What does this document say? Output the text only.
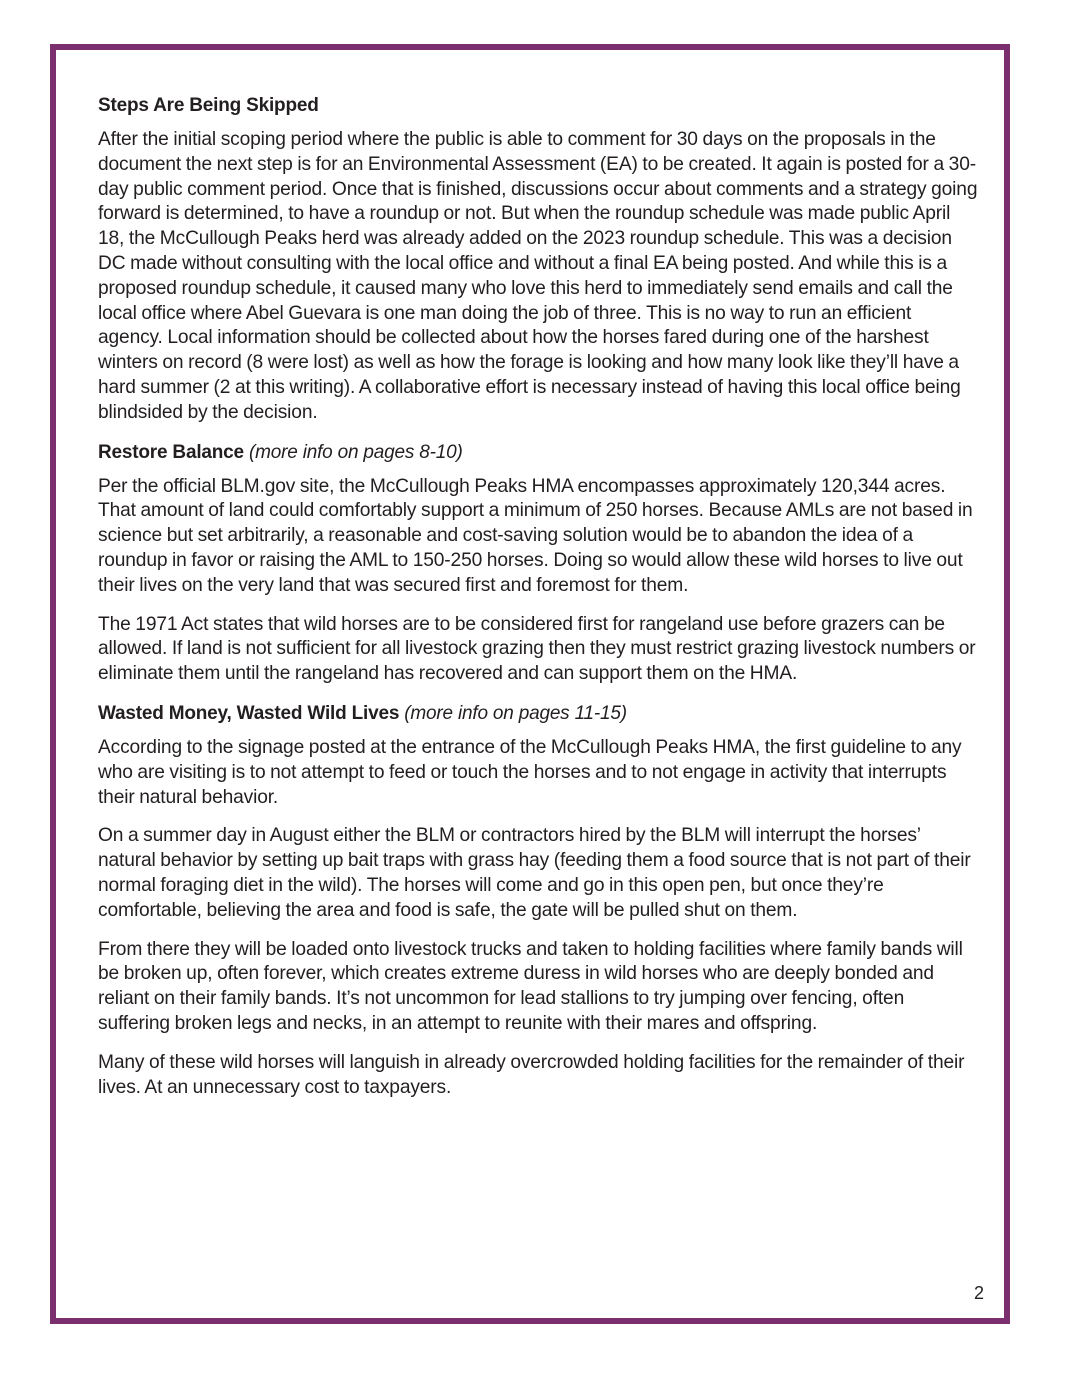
Steps Are Being Skipped

After the initial scoping period where the public is able to comment for 30 days on the proposals in the document the next step is for an Environmental Assessment (EA) to be created. It again is posted for a 30-day public comment period. Once that is finished, discussions occur about comments and a strategy going forward is determined, to have a roundup or not. But when the roundup schedule was made public April 18, the McCullough Peaks herd was already added on the 2023 roundup schedule. This was a decision DC made without consulting with the local office and without a final EA being posted. And while this is a proposed roundup schedule, it caused many who love this herd to immediately send emails and call the local office where Abel Guevara is one man doing the job of three. This is no way to run an efficient agency. Local information should be collected about how the horses fared during one of the harshest winters on record (8 were lost) as well as how the forage is looking and how many look like they’ll have a hard summer (2 at this writing). A collaborative effort is necessary instead of having this local office being blindsided by the decision.

Restore Balance (more info on pages 8-10)

Per the official BLM.gov site, the McCullough Peaks HMA encompasses approximately 120,344 acres. That amount of land could comfortably support a minimum of 250 horses. Because AMLs are not based in science but set arbitrarily, a reasonable and cost-saving solution would be to abandon the idea of a roundup in favor or raising the AML to 150-250 horses. Doing so would allow these wild horses to live out their lives on the very land that was secured first and foremost for them.

The 1971 Act states that wild horses are to be considered first for rangeland use before grazers can be allowed. If land is not sufficient for all livestock grazing then they must restrict grazing livestock numbers or eliminate them until the rangeland has recovered and can support them on the HMA.

Wasted Money, Wasted Wild Lives (more info on pages 11-15)

According to the signage posted at the entrance of the McCullough Peaks HMA, the first guideline to any who are visiting is to not attempt to feed or touch the horses and to not engage in activity that interrupts their natural behavior.

On a summer day in August either the BLM or contractors hired by the BLM will interrupt the horses’ natural behavior by setting up bait traps with grass hay (feeding them a food source that is not part of their normal foraging diet in the wild). The horses will come and go in this open pen, but once they’re comfortable, believing the area and food is safe, the gate will be pulled shut on them.

From there they will be loaded onto livestock trucks and taken to holding facilities where family bands will be broken up, often forever, which creates extreme duress in wild horses who are deeply bonded and reliant on their family bands. It’s not uncommon for lead stallions to try jumping over fencing, often suffering broken legs and necks, in an attempt to reunite with their mares and offspring.

Many of these wild horses will languish in already overcrowded holding facilities for the remainder of their lives. At an unnecessary cost to taxpayers.

2
